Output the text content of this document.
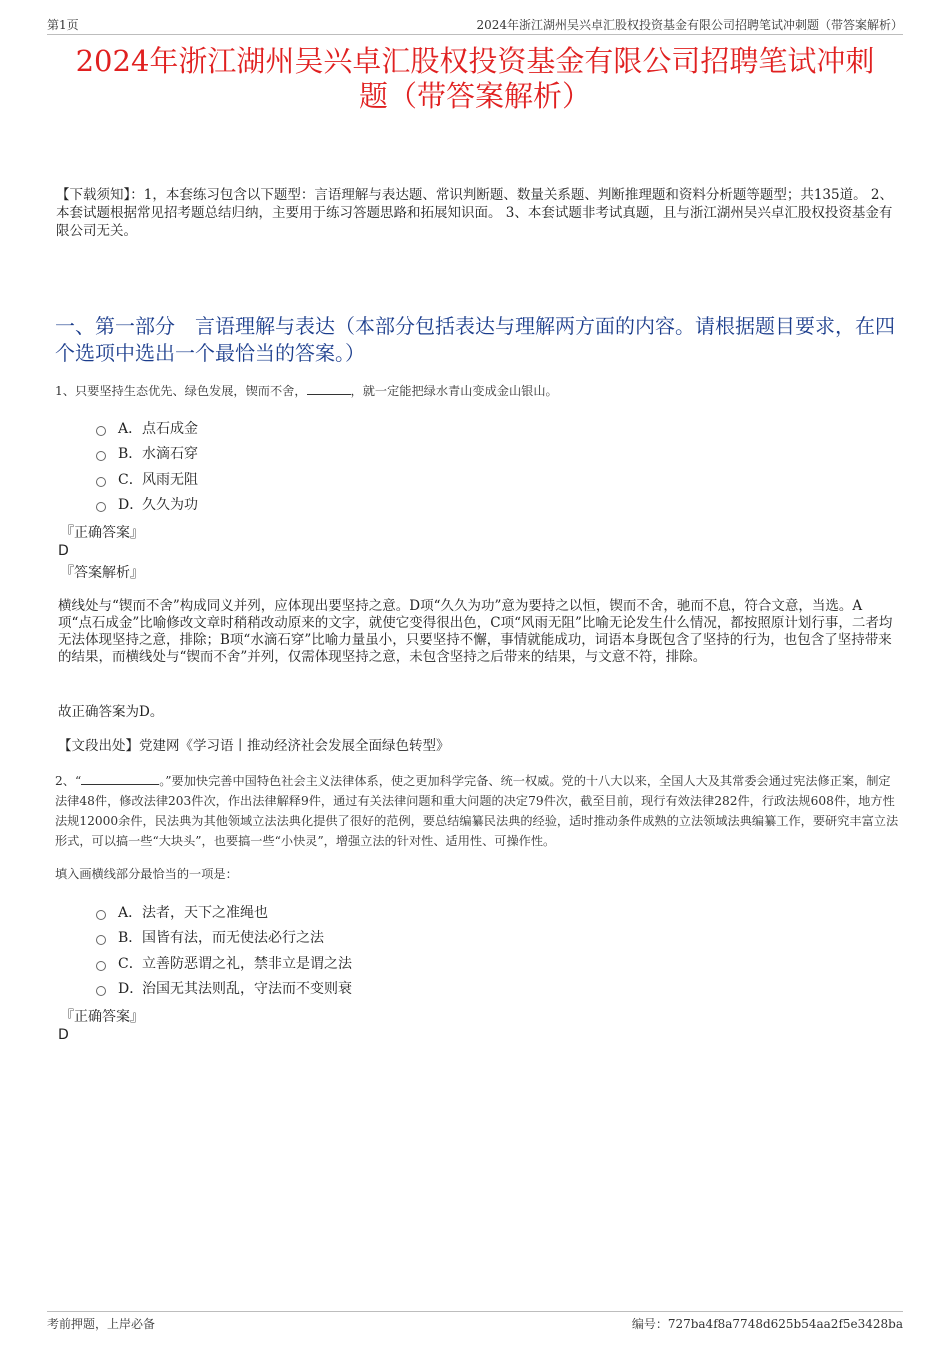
第1页	2024年浙江湖州吴兴卓汇股权投资基金有限公司招聘笔试冲刺题（带答案解析）
2024年浙江湖州吴兴卓汇股权投资基金有限公司招聘笔试冲刺
题（带答案解析）
【下载须知】：1，本套练习包含以下题型：言语理解与表达题、常识判断题、数量关系题、判断推理题和资料分析题等题型；共135道。 2、本套试题根据常见招考题总结归纳，主要用于练习答题思路和拓展知识面。 3、本套试题非考试真题，且与浙江湖州吴兴卓汇股权投资基金有限公司无关。
一、第一部分　言语理解与表达（本部分包括表达与理解两方面的内容。请根据题目要求，在四个选项中选出一个最恰当的答案。）
1、只要坚持生态优先、绿色发展，锲而不舍，	，就一定能把绿水青山变成金山银山。
A． 点石成金
B． 水滴石穿
C． 风雨无阻
D．
久久为功
『正确答案』
D
『答案解析』
横线处与“锲而不舍”构成同义并列，应体现出要坚持之意。D项“久久为功”意为要持之以恒，锲而不舍，驰而不息，符合文意，当选。A项“点石成金”比喻修改文章时稍稍改动原来的文字，就使它变得很出色，C项“风雨无阻”比喻无论发生什么情况，都按照原计划行事，二者均无法体现坚持之意，排除；B项“水滴石穿”比喻力量虽小，只要坚持不懈，事情就能成功，词语本身既包含了坚持的行为，也包含了坚持带来的结果，而横线处与“锲而不舍”并列，仅需体现坚持之意，未包含坚持之后带来的结果，与文意不符，排除。
故正确答案为D。
【文段出处】党建网《学习语丨推动经济社会发展全面绿色转型》
2、“	。”要加快完善中国特色社会主义法律体系，使之更加科学完备、统一权威。党的十八大以来，全国人大及其常委会通过宪法修正案，制定法律48件，修改法律203件次，作出法律解释9件，通过有关法律问题和重大问题的决定79件次，截至目前，现行有效法律282件，行政法规608件，地方性法规12000余件，民法典为其他领域立法法典化提供了很好的范例，要总结编纂民法典的经验，适时推动条件成熟的立法领域法典编纂工作，要研究丰富立法形式，可以搞一些“大块头”，也要搞一些“小快灵”，增强立法的针对性、适用性、可操作性。
填入画横线部分最恰当的一项是：
A． 法者，天下之准绳也
B． 国皆有法，而无使法必行之法
C． 立善防恶谓之礼，禁非立是谓之法
D．
治国无其法则乱，守法而不变则衰
『正确答案』
D
考前押题，上岸必备	编号：727ba4f8a7748d625b54aa2f5e3428ba
